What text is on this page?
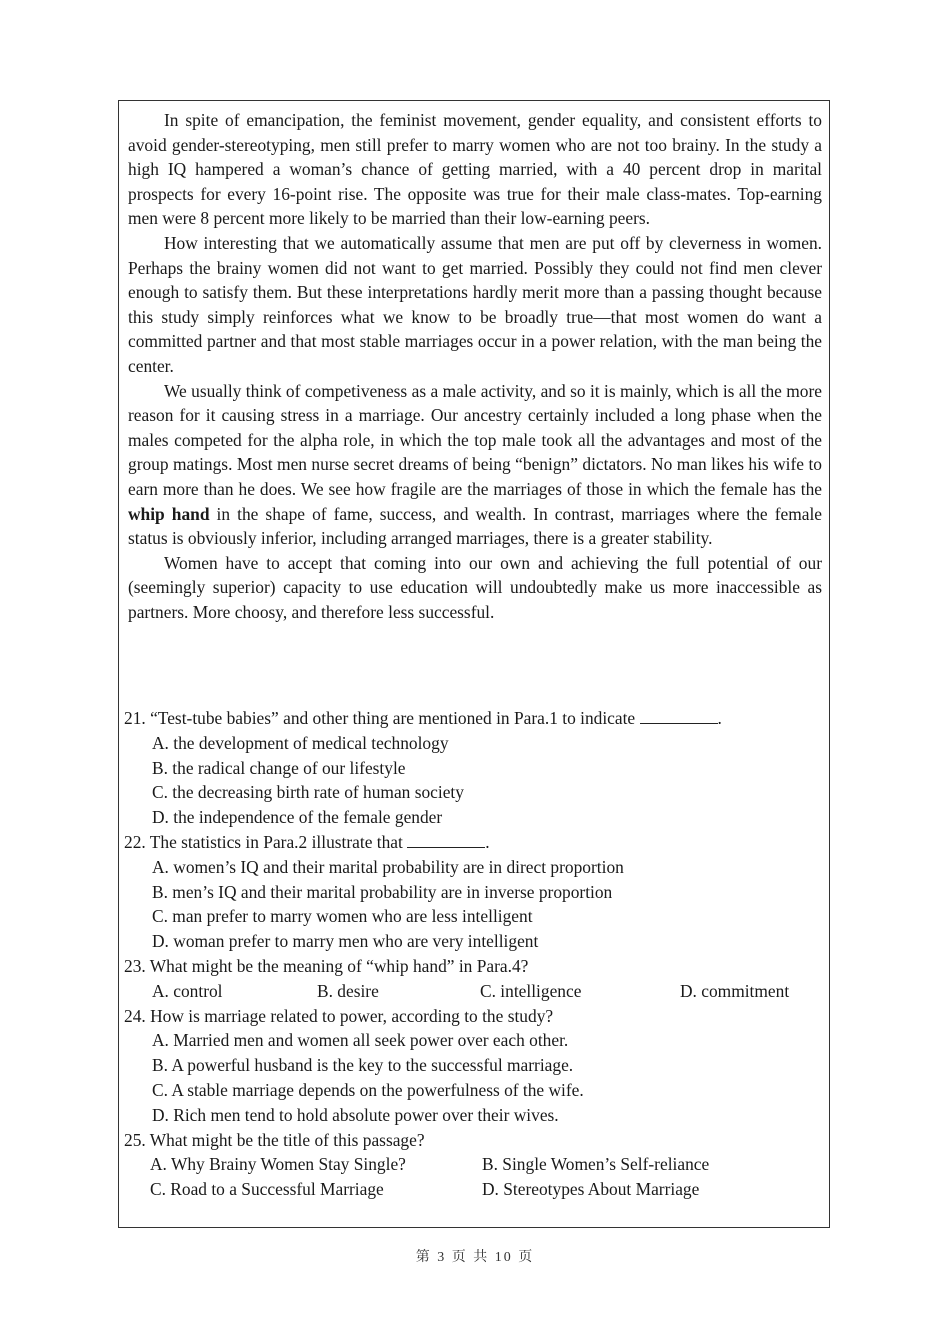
In spite of emancipation, the feminist movement, gender equality, and consistent efforts to avoid gender-stereotyping, men still prefer to marry women who are not too brainy. In the study a high IQ hampered a woman’s chance of getting married, with a 40 percent drop in marital prospects for every 16-point rise. The opposite was true for their male class-mates. Top-earning men were 8 percent more likely to be married than their low-earning peers.

How interesting that we automatically assume that men are put off by cleverness in women. Perhaps the brainy women did not want to get married. Possibly they could not find men clever enough to satisfy them. But these interpretations hardly merit more than a passing thought because this study simply reinforces what we know to be broadly true—that most women do want a committed partner and that most stable marriages occur in a power relation, with the man being the center.

We usually think of competiveness as a male activity, and so it is mainly, which is all the more reason for it causing stress in a marriage. Our ancestry certainly included a long phase when the males competed for the alpha role, in which the top male took all the advantages and most of the group matings. Most men nurse secret dreams of being “benign” dictators. No man likes his wife to earn more than he does. We see how fragile are the marriages of those in which the female has the whip hand in the shape of fame, success, and wealth. In contrast, marriages where the female status is obviously inferior, including arranged marriages, there is a greater stability.

Women have to accept that coming into our own and achieving the full potential of our (seemingly superior) capacity to use education will undoubtedly make us more inaccessible as partners. More choosy, and therefore less successful.

21. “Test-tube babies” and other thing are mentioned in Para.1 to indicate	.

A. the development of medical technology

B. the radical change of our lifestyle

C. the decreasing birth rate of human society

D. the independence of the female gender

22. The statistics in Para.2 illustrate that	.

A. women’s IQ and their marital probability are in direct proportion

B. men’s IQ and their marital probability are in inverse proportion

C. man prefer to marry women who are less intelligent

D. woman prefer to marry men who are very intelligent

23. What might be the meaning of “whip hand” in Para.4?

A. control	B. desire	C. intelligence	D. commitment

24. How is marriage related to power, according to the study?

A. Married men and women all seek power over each other.

B. A powerful husband is the key to the successful marriage.

C. A stable marriage depends on the powerfulness of the wife.

D. Rich men tend to hold absolute power over their wives.

25. What might be the title of this passage?

A. Why Brainy Women Stay Single?	B. Single Women’s Self-reliance
C. Road to a Successful Marriage	D. Stereotypes About Marriage
第 3 页 共 10 页
